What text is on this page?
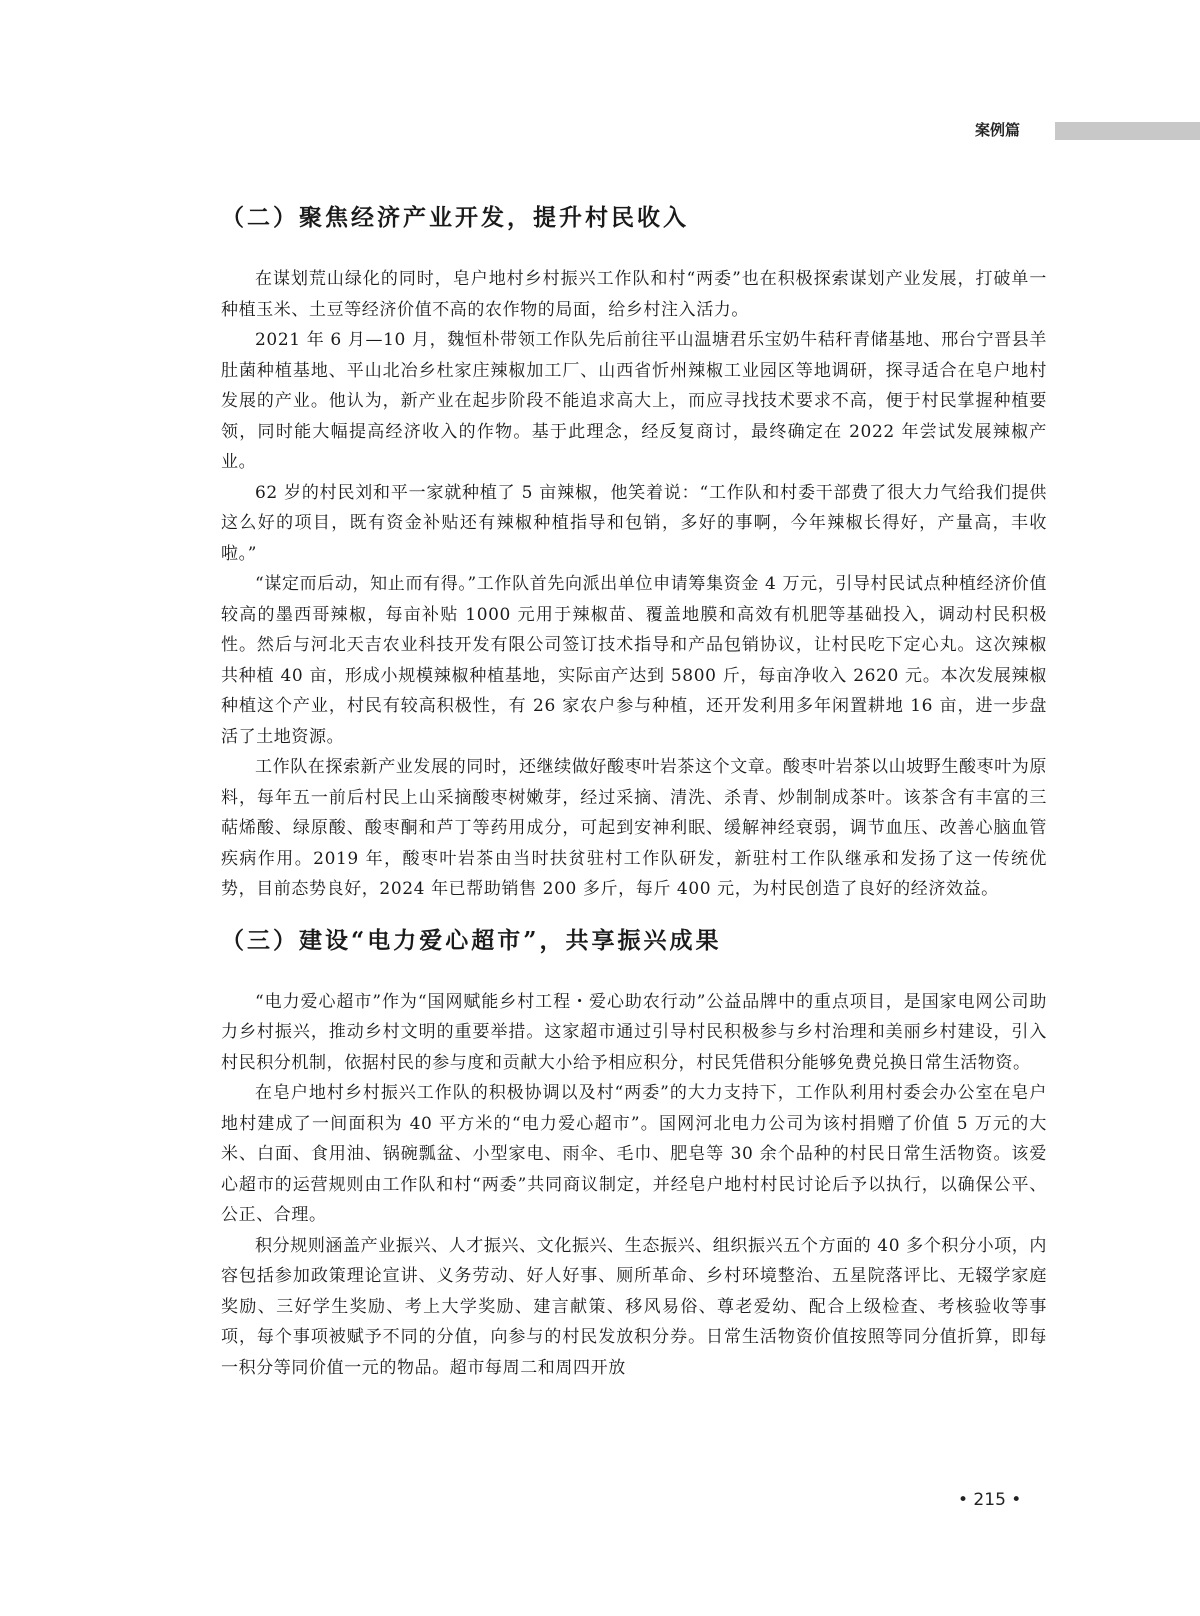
案例篇
（二）聚焦经济产业开发，提升村民收入

在谋划荒山绿化的同时，皂户地村乡村振兴工作队和村“两委”也在积极探索谋划产业发展，打破单一种植玉米、土豆等经济价值不高的农作物的局面，给乡村注入活力。

2021 年 6 月—10 月，魏恒朴带领工作队先后前往平山温塘君乐宝奶牛秸秆青储基地、邢台宁晋县羊肚菌种植基地、平山北冶乡杜家庄辣椒加工厂、山西省忻州辣椒工业园区等地调研，探寻适合在皂户地村发展的产业。他认为，新产业在起步阶段不能追求高大上，而应寻找技术要求不高，便于村民掌握种植要领，同时能大幅提高经济收入的作物。基于此理念，经反复商讨，最终确定在 2022 年尝试发展辣椒产业。

62 岁的村民刘和平一家就种植了 5 亩辣椒，他笑着说：“工作队和村委干部费了很大力气给我们提供这么好的项目，既有资金补贴还有辣椒种植指导和包销，多好的事啊，今年辣椒长得好，产量高，丰收啦。”

“谋定而后动，知止而有得。”工作队首先向派出单位申请筹集资金 4 万元，引导村民试点种植经济价值较高的墨西哥辣椒，每亩补贴 1000 元用于辣椒苗、覆盖地膜和高效有机肥等基础投入，调动村民积极性。然后与河北天吉农业科技开发有限公司签订技术指导和产品包销协议，让村民吃下定心丸。这次辣椒共种植 40 亩，形成小规模辣椒种植基地，实际亩产达到 5800 斤，每亩净收入 2620 元。本次发展辣椒种植这个产业，村民有较高积极性，有 26 家农户参与种植，还开发利用多年闲置耕地 16 亩，进一步盘活了土地资源。

工作队在探索新产业发展的同时，还继续做好酸枣叶岩茶这个文章。酸枣叶岩茶以山坡野生酸枣叶为原料，每年五一前后村民上山采摘酸枣树嫩芽，经过采摘、清洗、杀青、炒制制成茶叶。该茶含有丰富的三萜烯酸、绿原酸、酸枣酮和芦丁等药用成分，可起到安神利眠、缓解神经衰弱，调节血压、改善心脑血管疾病作用。2019 年，酸枣叶岩茶由当时扶贫驻村工作队研发，新驻村工作队继承和发扬了这一传统优势，目前态势良好，2024 年已帮助销售 200 多斤，每斤 400 元，为村民创造了良好的经济效益。

（三）建设“电力爱心超市”，共享振兴成果

“电力爱心超市”作为“国网赋能乡村工程・爱心助农行动”公益品牌中的重点项目，是国家电网公司助力乡村振兴，推动乡村文明的重要举措。这家超市通过引导村民积极参与乡村治理和美丽乡村建设，引入村民积分机制，依据村民的参与度和贡献大小给予相应积分，村民凭借积分能够免费兑换日常生活物资。

在皂户地村乡村振兴工作队的积极协调以及村“两委”的大力支持下，工作队利用村委会办公室在皂户地村建成了一间面积为 40 平方米的“电力爱心超市”。国网河北电力公司为该村捐赠了价值 5 万元的大米、白面、食用油、锅碗瓢盆、小型家电、雨伞、毛巾、肥皂等 30 余个品种的村民日常生活物资。该爱心超市的运营规则由工作队和村“两委”共同商议制定，并经皂户地村村民讨论后予以执行，以确保公平、公正、合理。

积分规则涵盖产业振兴、人才振兴、文化振兴、生态振兴、组织振兴五个方面的 40 多个积分小项，内容包括参加政策理论宣讲、义务劳动、好人好事、厕所革命、乡村环境整治、五星院落评比、无辍学家庭奖励、三好学生奖励、考上大学奖励、建言献策、移风易俗、尊老爱幼、配合上级检查、考核验收等事项，每个事项被赋予不同的分值，向参与的村民发放积分券。日常生活物资价值按照等同分值折算，即每一积分等同价值一元的物品。超市每周二和周四开放

• 215 •
